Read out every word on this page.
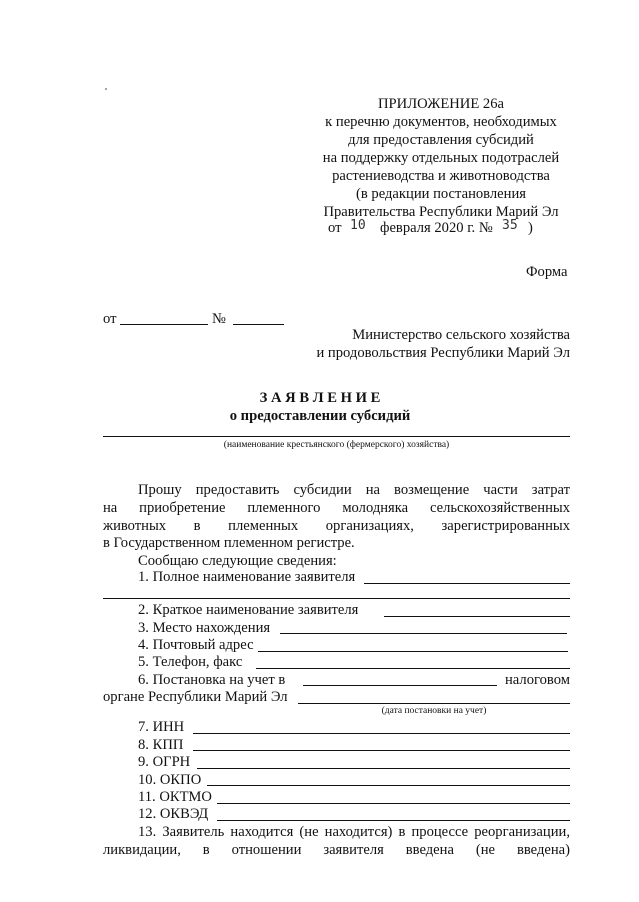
ПРИЛОЖЕНИЕ 26а
к перечню документов, необходимых
для предоставления субсидий
на поддержку отдельных подотраслей
растениеводства и животноводства
(в редакции постановления
Правительства Республики Марий Эл
от 10 февраля 2020 г. № 35 )
Форма
от	№
Министерство сельского хозяйства
и продовольствия Республики Марий Эл
З А Я В Л Е Н И Е
о предоставлении субсидий
(наименование крестьянского (фермерского) хозяйства)
Прошу предоставить субсидии на возмещение части затрат
на приобретение племенного молодняка сельскохозяйственных
животных в племенных организациях, зарегистрированных
в Государственном племенном регистре.
Сообщаю следующие сведения:
1. Полное наименование заявителя
2. Краткое наименование заявителя
3. Место нахождения
4. Почтовый адрес
5. Телефон, факс
6. Постановка на учет в	налоговом
органе Республики Марий Эл
(дата постановки на учет)
7. ИНН
8. КПП
9. ОГРН
10. ОКПО
11. ОКТМО
12. ОКВЭД
13. Заявитель находится (не находится) в процессе реорганизации,
ликвидации, в отношении заявителя введена (не введена)
